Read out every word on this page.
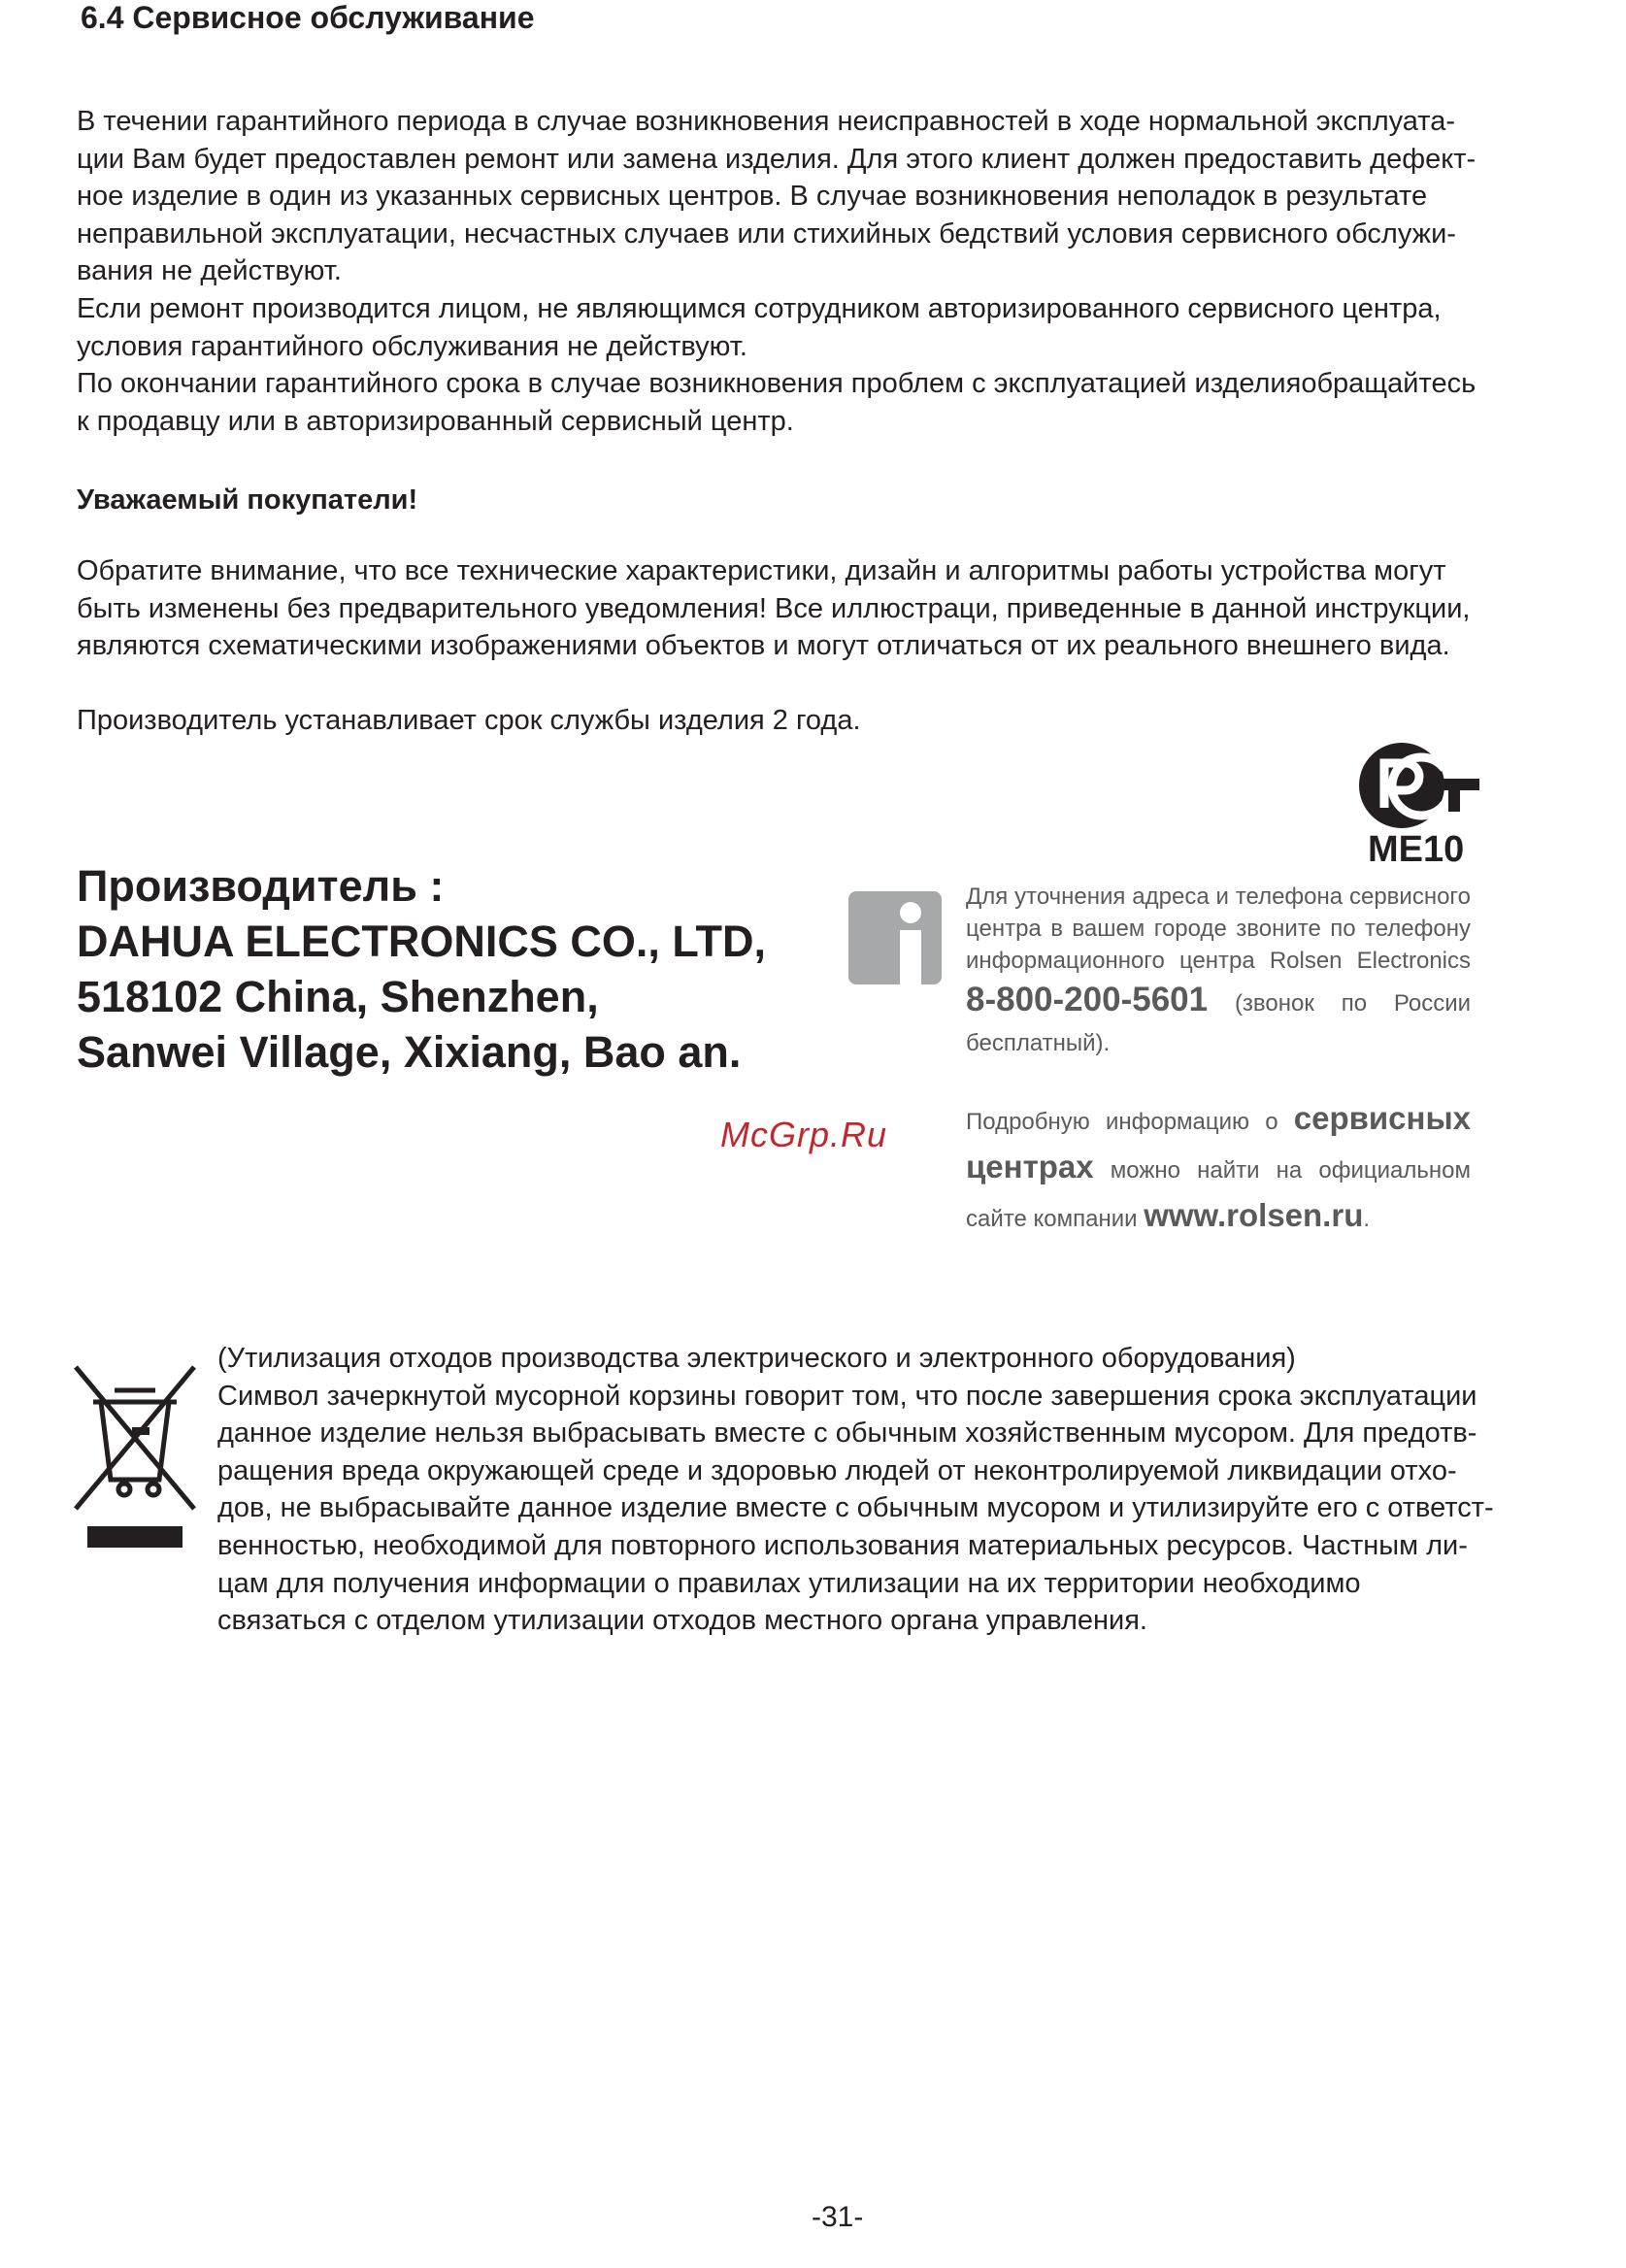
6.4 Сервисное обслуживание
В течении гарантийного периода в случае возникновения неисправностей в ходе нормальной эксплуата-
ции Вам будет предоставлен ремонт или замена изделия. Для этого клиент должен предоставить дефект-
ное изделие в один из указанных сервисных центров. В случае возникновения неполадок в результате
неправильной эксплуатации, несчастных случаев или стихийных бедствий условия сервисного обслужи-
вания не действуют.
Если ремонт производится лицом, не являющимся сотрудником авторизированного сервисного центра,
условия гарантийного обслуживания не действуют.
По окончании гарантийного срока в случае возникновения проблем с эксплуатацией изделияобращайтесь
к продавцу или в авторизированный сервисный центр.
Уважаемый покупатели!
Обратите внимание, что все технические характеристики, дизайн и алгоритмы работы устройства могут
быть изменены без предварительного уведомления! Все иллюстраци, приведенные в данной инструкции,
являются схематическими изображениями объектов и могут отличаться от их реального внешнего вида.
Производитель устанавливает срок службы изделия 2 года.
ME10
Производитель :
DAHUA ELECTRONICS CO., LTD,
518102 China, Shenzhen,
Sanwei Village, Xixiang, Bao an.
Для уточнения адреса и телефона сервисного
центра в вашем городе звоните по телефону
информационного центра Rolsen Electronics
8-800-200-5601 (звонок по России
бесплатный).
Подробную информацию о сервисных
центрах можно найти на официальном
сайте компании www.rolsen.ru.
McGrp.Ru
(Утилизация отходов производства электрического и электронного оборудования)
Символ зачеркнутой мусорной корзины говорит том, что после завершения срока эксплуатации
данное изделие нельзя выбрасывать вместе с обычным хозяйственным мусором. Для предотв-
ращения вреда окружающей среде и здоровью людей от неконтролируемой ликвидации отхо-
дов, не выбрасывайте данное изделие вместе с обычным мусором и утилизируйте его с ответст-
венностью, необходимой для повторного использования материальных ресурсов. Частным ли-
цам для получения информации о правилах утилизации на их территории необходимо
связаться с отделом утилизации отходов местного органа управления.
-31-
